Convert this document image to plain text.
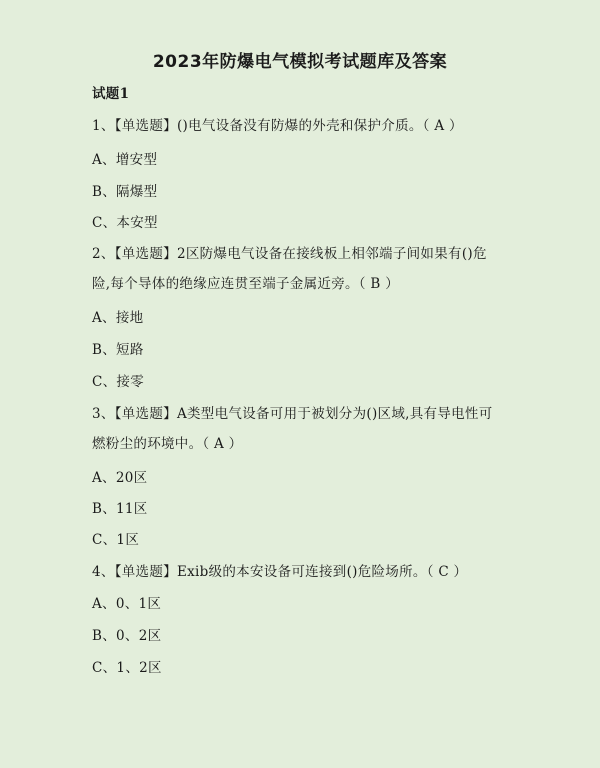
2023年防爆电气模拟考试题库及答案
试题1
1、【单选题】()电气设备没有防爆的外壳和保护介质。（ A ）
A、增安型
B、隔爆型
C、本安型
2、【单选题】2区防爆电气设备在接线板上相邻端子间如果有()危
险,每个导体的绝缘应连贯至端子金属近旁。（ B ）
A、接地
B、短路
C、接零
3、【单选题】A类型电气设备可用于被划分为()区域,具有导电性可
燃粉尘的环境中。（ A ）
A、20区
B、11区
C、1区
4、【单选题】Exib级的本安设备可连接到()危险场所。（ C ）
A、0、1区
B、0、2区
C、1、2区
